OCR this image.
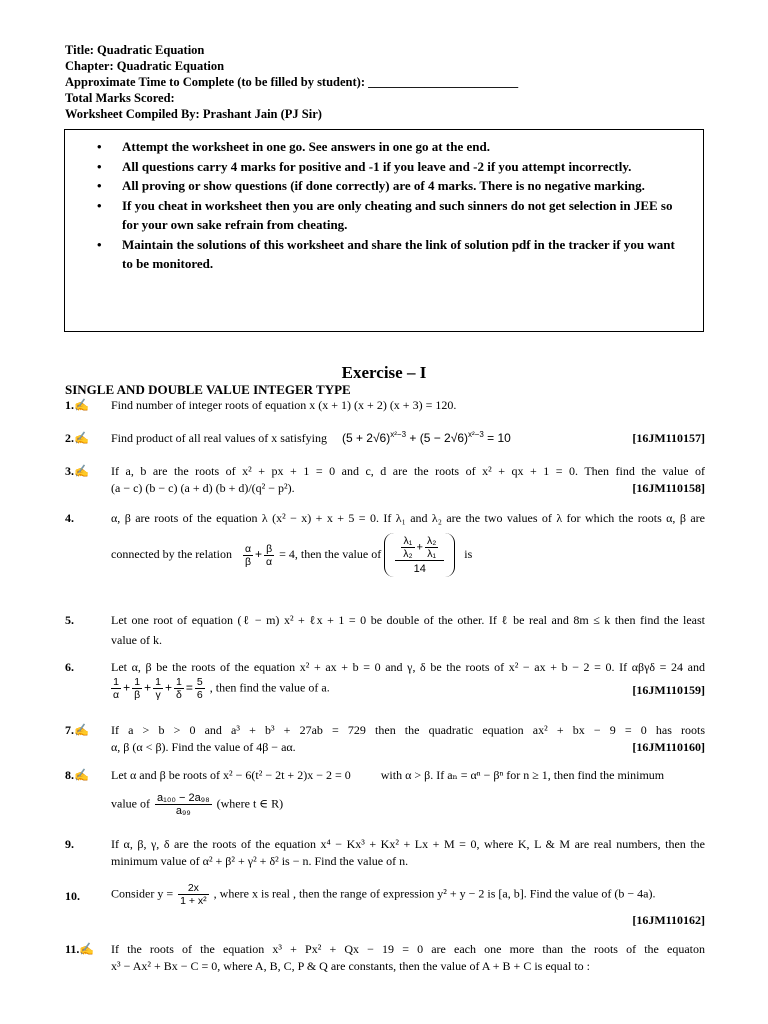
Title: Quadratic Equation
Chapter: Quadratic Equation
Approximate Time to Complete (to be filled by student): ________________________
Total Marks Scored:
Worksheet Compiled By: Prashant Jain (PJ Sir)
• Attempt the worksheet in one go. See answers in one go at the end.
• All questions carry 4 marks for positive and -1 if you leave and -2 if you attempt incorrectly.
• All proving or show questions (if done correctly) are of 4 marks. There is no negative marking.
• If you cheat in worksheet then you are only cheating and such sinners do not get selection in JEE so for your own sake refrain from cheating.
• Maintain the solutions of this worksheet and share the link of solution pdf in the tracker if you want to be monitored.
Exercise – I
SINGLE AND DOUBLE VALUE INTEGER TYPE
1.✍ Find number of integer roots of equation x (x + 1) (x + 2) (x + 3) = 120.

2.✍ Find product of all real values of x satisfying $(5 + 2√6)^{x^2-3} + (5 - 2√6)^{x^2-3} = 10$	[16JM110157]
3.✍ If a, b are the roots of x² + px + 1 = 0 and c, d are the roots of x² + qx + 1 = 0. Then find the value of

(a − c) (b − c) (a + d) (b + d)/(q² − p²).	[16JM110158]
4.	α, β are roots of the equation λ (x² − x) + x + 5 = 0. If λ₁ and λ₂ are the two values of λ for which the roots α, β are

connected by the relation $\frac{\alpha}{\beta} + \frac{\beta}{\alpha} = 4$, then the value of $\frac{\frac{\text{λ₁}}{\text{λ₂}} + \frac{\text{λ₂}}{\text{λ₁}}}{14}$ is
5.	Let one root of equation (ℓ − m) x² + ℓx + 1 = 0 be double of the other. If ℓ be real and 8m ≤ k then find the least

value of k.

6.	Let α, β be the roots of the equation x² + ax + b = 0 and γ, δ be the roots of x² − ax + b − 2 = 0. If αβγδ = 24 and

$\frac{1}{\alpha} + \frac{1}{\beta} + \frac{1}{\gamma} + \frac{1}{\delta} = \frac{5}{6}$ , then find the value of a.	[16JM110159]
7.✍ If a > b > 0 and a³ + b³ + 27ab = 729 then the quadratic equation ax² + bx − 9 = 0 has roots

α, β (α < β). Find the value of 4β − aα.	[16JM110160]
8.✍ Let α and β be roots of x² − 6(t² − 2t + 2)x − 2 = 0	with α > β. If aₙ = αⁿ − βⁿ for n ≥ 1, then find the minimum

value of $\frac{\text{a₁₀₀ − 2a₉₈}}{\text{a₉₉}}$ (where t ∈ R)
9.	If α, β, γ, δ are the roots of the equation x⁴ − Kx³ + Kx² + Lx + M = 0, where K, L & M are real numbers, then the

minimum value of α² + β² + γ² + δ² is − n. Find the value of n.

10.	Consider $y = \frac{2x}{\text{1 + x²}}$ , where x is real , then the range of expression y² + y − 2 is [a, b]. Find the value of (b − 4a).
[16JM110162]
11.✍ If the roots of the equation x³ + Px² + Qx − 19 = 0 are each one more than the roots of the equaton

x³ − Ax² + Bx − C = 0, where A, B, C, P & Q are constants, then the value of A + B + C is equal to :
